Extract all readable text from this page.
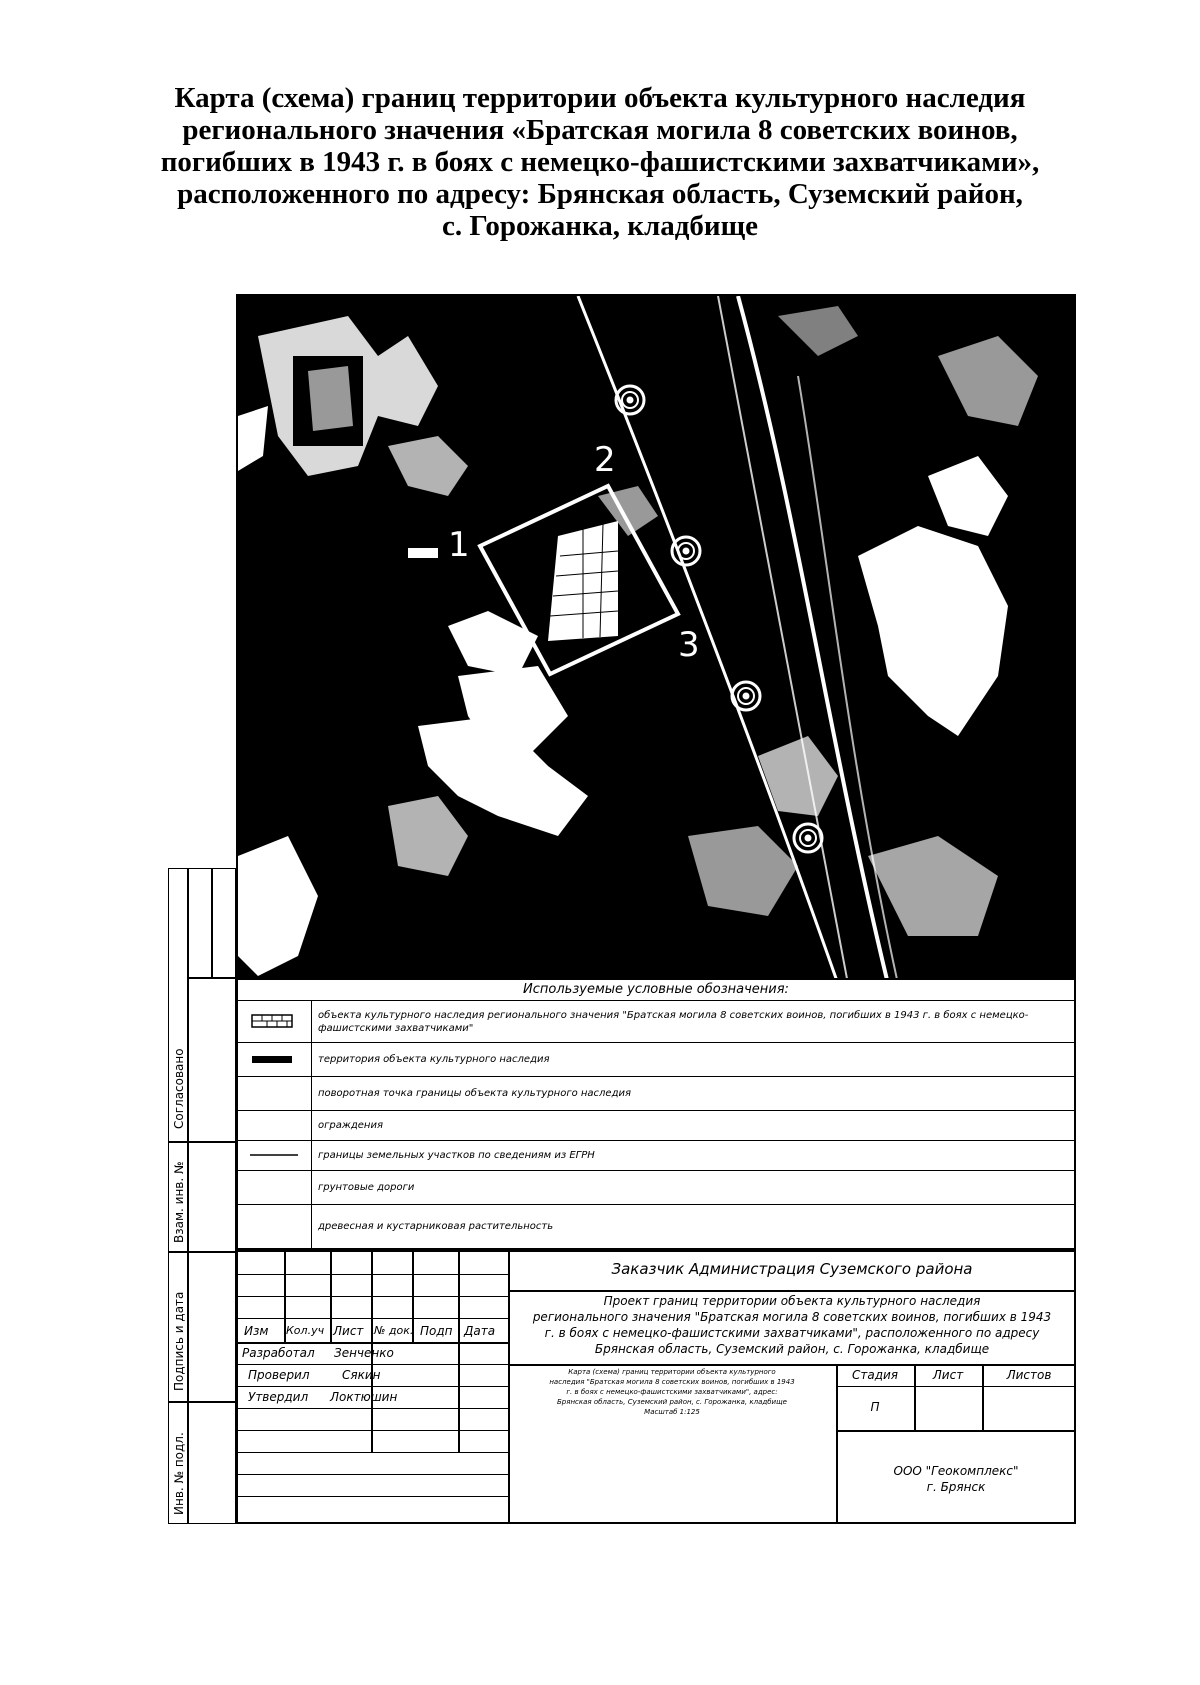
Карта (схема) границ территории объекта культурного наследия
регионального значения «Братская могила 8 советских воинов,
погибших в 1943 г. в боях с немецко-фашистскими захватчиками»,
расположенного по адресу: Брянская область, Суземский район,
с. Горожанка, кладбище
1
2
3
Согласовано
Взам. инв. №
Подпись и дата
Инв. № подл.
Используемые условные обозначения:
объекта культурного наследия регионального значения "Братская могила 8 советских воинов, погибших в 1943 г. в боях с немецко-фашистскими захватчиками"
территория объекта культурного наследия
поворотная точка границы объекта культурного наследия
ограждения
границы земельных участков по сведениям из ЕГРН
грунтовые дороги
древесная и кустарниковая растительность
Изм Кол.уч Лист № док. Подп Дата
Разработал Зенченко
Проверил	Сякин
Утвердил Локтюшин
Заказчик Администрация Суземского района
Проект границ территории объекта культурного наследия
регионального значения "Братская могила 8 советских воинов, погибших в 1943
г. в боях с немецко-фашистскими захватчиками", расположенного по адресу
Брянская область, Суземский район, с. Горожанка, кладбище
Карта (схема) границ территории объекта культурного
наследия "Братская могила 8 советских воинов, погибших в 1943
г. в боях с немецко-фашистскими захватчиками", адрес:
Брянская область, Суземский район, с. Горожанка, кладбище
Масштаб 1:125
Стадия	Лист	Листов
П
ООО "Геокомплекс"
г. Брянск
